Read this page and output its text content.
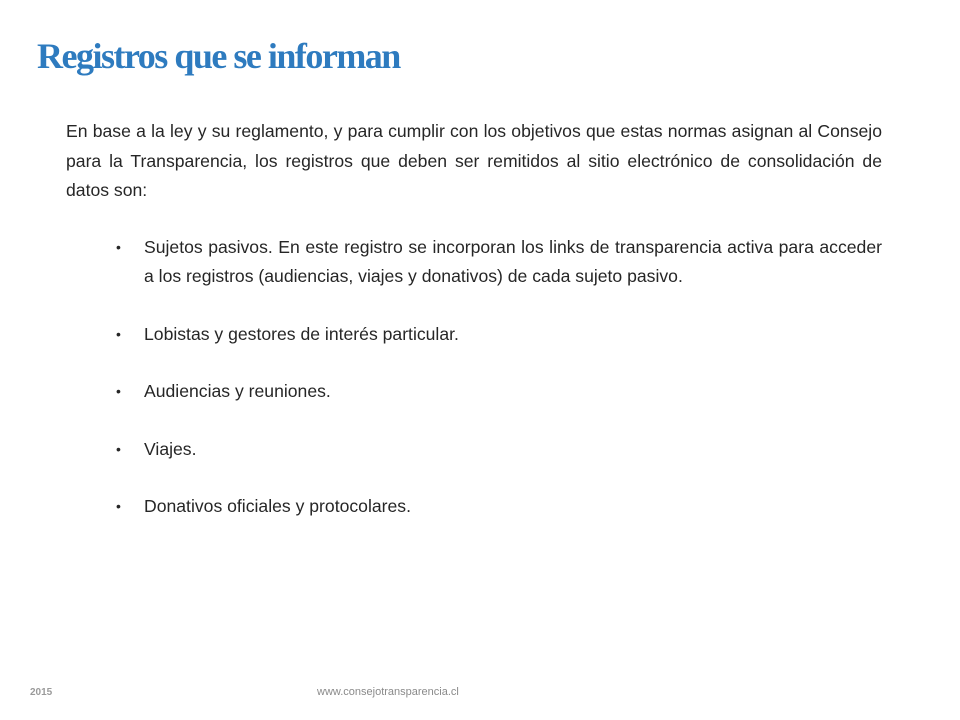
Registros que se informan

En base a la ley y su reglamento, y para cumplir con los objetivos que estas normas asignan al Consejo para la Transparencia, los registros que deben ser remitidos al sitio electrónico de consolidación de datos son:

• Sujetos pasivos. En este registro se incorporan los links de transparencia activa para acceder a los registros (audiencias, viajes y donativos) de cada sujeto pasivo.
• Lobistas y gestores de interés particular.
• Audiencias y reuniones.
• Viajes.
• Donativos oficiales y protocolares.
2015	www.consejotransparencia.cl
